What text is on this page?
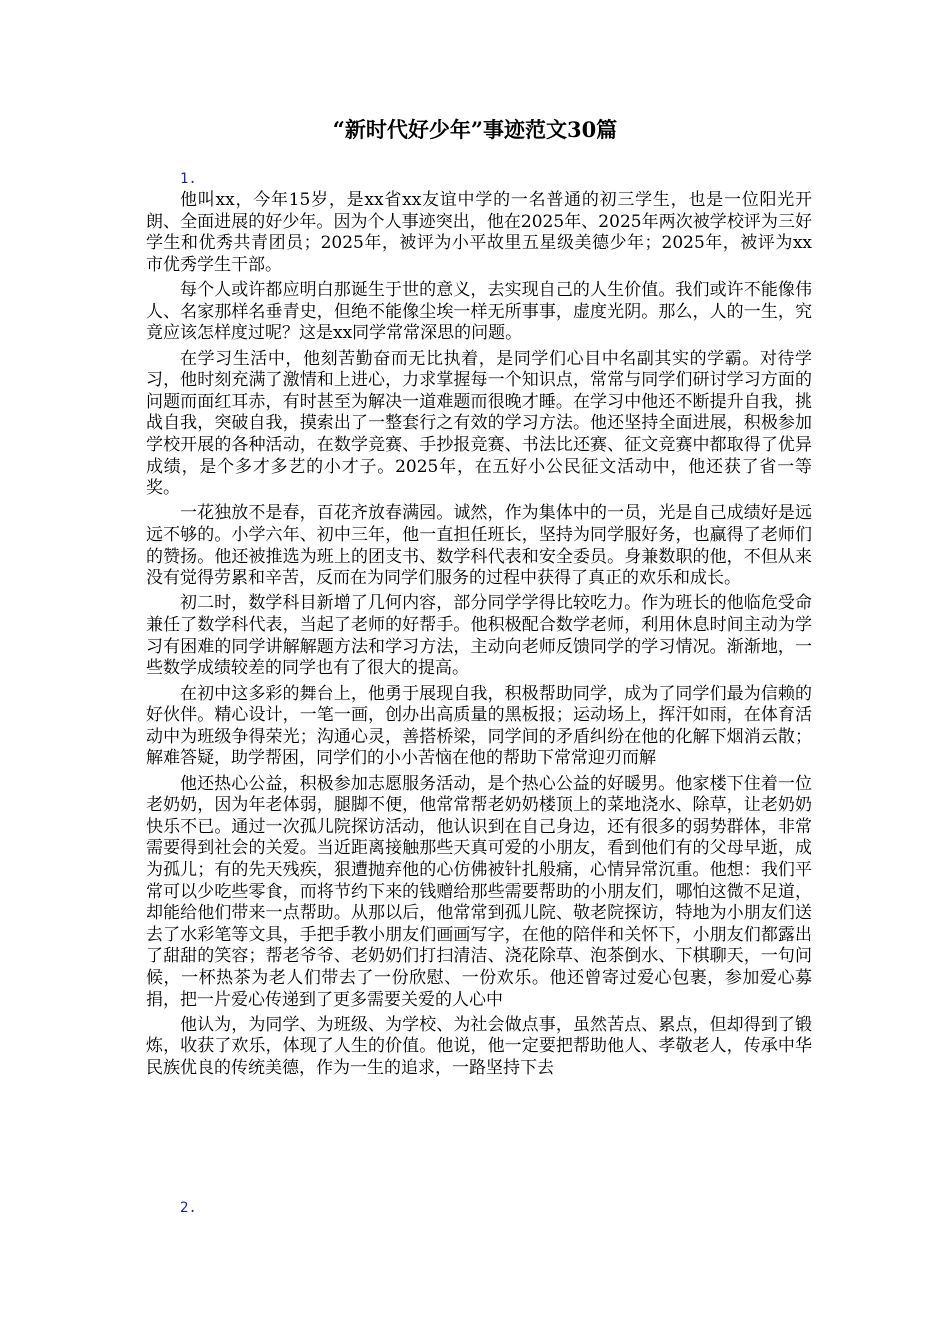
“新时代好少年”事迹范文30篇
1.

他叫xx，今年15岁，是xx省xx友谊中学的一名普通的初三学生，也是一位阳光开朗、全面进展的好少年。因为个人事迹突出，他在2025年、2025年两次被学校评为三好学生和优秀共青团员；2025年，被评为小平故里五星级美德少年；2025年，被评为xx市优秀学生干部。

每个人或许都应明白那诞生于世的意义，去实现自己的人生价值。我们或许不能像伟人、名家那样名垂青史，但绝不能像尘埃一样无所事事，虚度光阴。那么，人的一生，究竟应该怎样度过呢？这是xx同学常常深思的问题。

在学习生活中，他刻苦勤奋而无比执着，是同学们心目中名副其实的学霸。对待学习，他时刻充满了激情和上进心，力求掌握每一个知识点，常常与同学们研讨学习方面的问题而面红耳赤，有时甚至为解决一道难题而很晚才睡。在学习中他还不断提升自我，挑战自我，突破自我，摸索出了一整套行之有效的学习方法。他还坚持全面进展，积极参加学校开展的各种活动，在数学竞赛、手抄报竞赛、书法比还赛、征文竞赛中都取得了优异成绩，是个多才多艺的小才子。2025年，在五好小公民征文活动中，他还获了省一等奖。

一花独放不是春，百花齐放春满园。诚然，作为集体中的一员，光是自己成绩好是远远不够的。小学六年、初中三年，他一直担任班长，坚持为同学服好务，也赢得了老师们的赞扬。他还被推选为班上的团支书、数学科代表和安全委员。身兼数职的他，不但从来没有觉得劳累和辛苦，反而在为同学们服务的过程中获得了真正的欢乐和成长。

初二时，数学科目新增了几何内容，部分同学学得比较吃力。作为班长的他临危受命兼任了数学科代表，当起了老师的好帮手。他积极配合数学老师，利用休息时间主动为学习有困难的同学讲解解题方法和学习方法，主动向老师反馈同学的学习情况。渐渐地，一些数学成绩较差的同学也有了很大的提高。

在初中这多彩的舞台上，他勇于展现自我，积极帮助同学，成为了同学们最为信赖的好伙伴。精心设计，一笔一画，创办出高质量的黑板报；运动场上，挥汗如雨，在体育活动中为班级争得荣光；沟通心灵，善搭桥梁，同学间的矛盾纠纷在他的化解下烟消云散；解难答疑，助学帮困，同学们的小小苦恼在他的帮助下常常迎刃而解

他还热心公益，积极参加志愿服务活动，是个热心公益的好暖男。他家楼下住着一位老奶奶，因为年老体弱，腿脚不便，他常常帮老奶奶楼顶上的菜地浇水、除草，让老奶奶快乐不已。通过一次孤儿院探访活动，他认识到在自己身边，还有很多的弱势群体，非常需要得到社会的关爱。当近距离接触那些天真可爱的小朋友，看到他们有的父母早逝，成为孤儿；有的先天残疾，狠遭抛弃他的心仿佛被针扎般痛，心情异常沉重。他想：我们平常可以少吃些零食，而将节约下来的钱赠给那些需要帮助的小朋友们，哪怕这微不足道，却能给他们带来一点帮助。从那以后，他常常到孤儿院、敬老院探访，特地为小朋友们送去了水彩笔等文具，手把手教小朋友们画画写字，在他的陪伴和关怀下，小朋友们都露出了甜甜的笑容；帮老爷爷、老奶奶们打扫清洁、浇花除草、泡茶倒水、下棋聊天，一句问候，一杯热茶为老人们带去了一份欣慰、一份欢乐。他还曾寄过爱心包裹，参加爱心募捐，把一片爱心传递到了更多需要关爱的人心中

他认为，为同学、为班级、为学校、为社会做点事，虽然苦点、累点，但却得到了锻炼，收获了欢乐，体现了人生的价值。他说，他一定要把帮助他人、孝敬老人，传承中华民族优良的传统美德，作为一生的追求，一路坚持下去

2.
